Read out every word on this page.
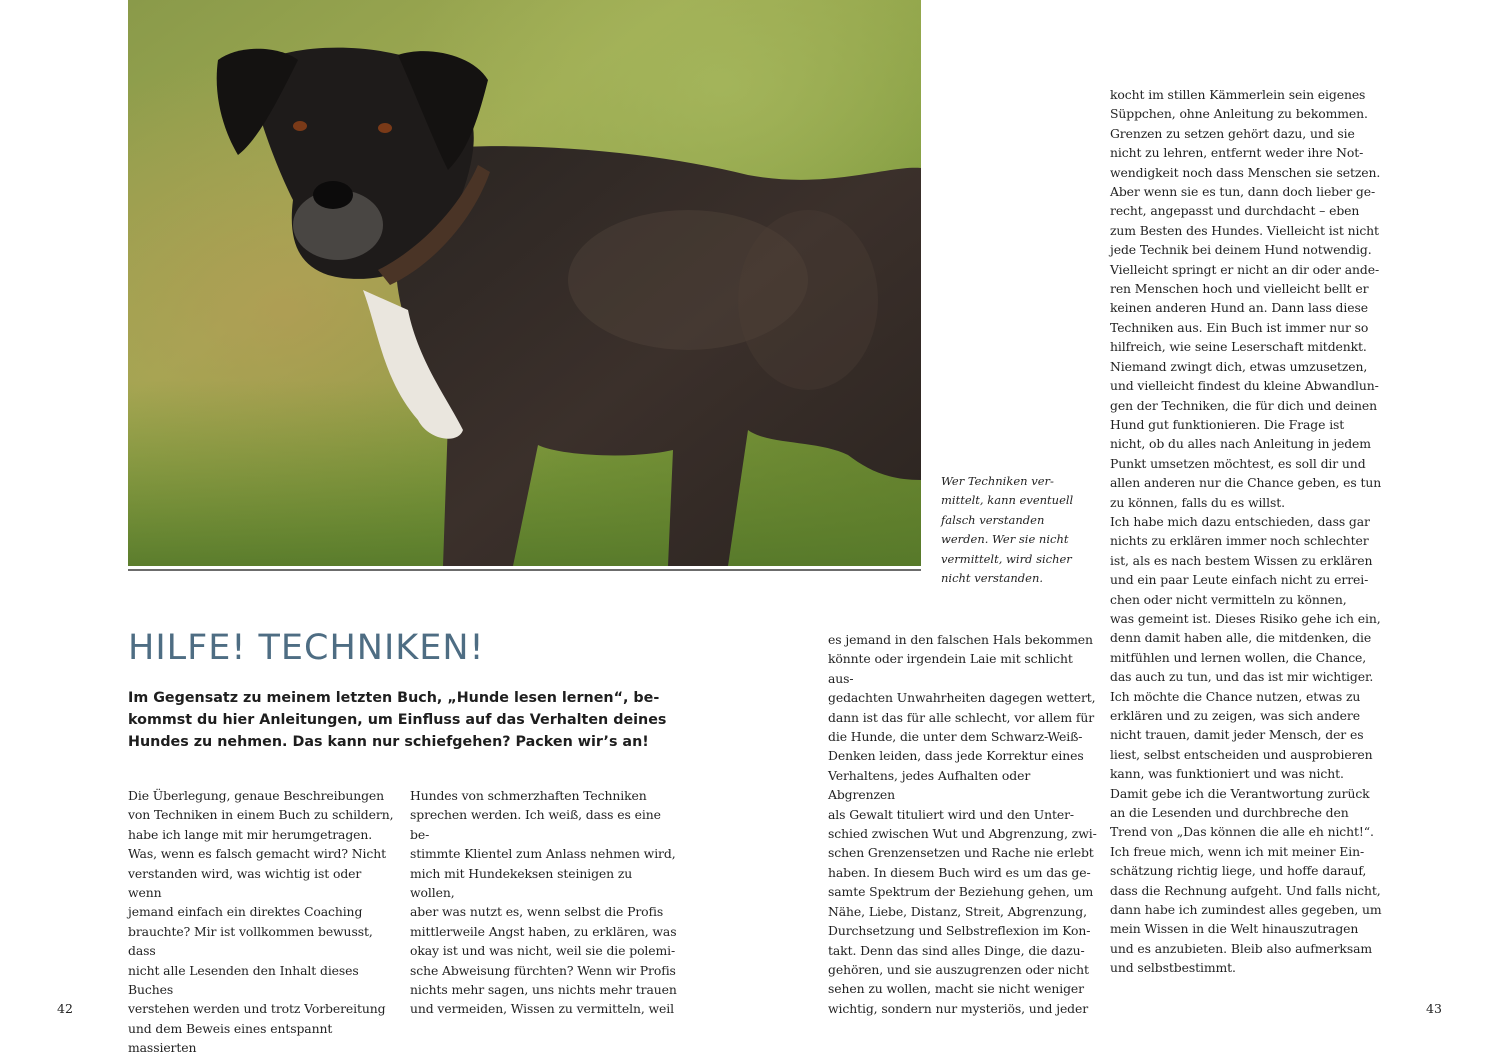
Wer Techniken ver-
mittelt, kann eventuell
falsch verstanden
werden. Wer sie nicht
vermittelt, wird sicher
nicht verstanden.
HILFE! TECHNIKEN!
Im Gegensatz zu meinem letzten Buch, „Hunde lesen lernen“, be-
kommst du hier Anleitungen, um Einfluss auf das Verhalten deines
Hundes zu nehmen. Das kann nur schiefgehen? Packen wir’s an!
Die Überlegung, genaue Beschreibungen
von Techniken in einem Buch zu schildern,
habe ich lange mit mir herumgetragen.
Was, wenn es falsch gemacht wird? Nicht
verstanden wird, was wichtig ist oder wenn
jemand einfach ein direktes Coaching
brauchte? Mir ist vollkommen bewusst, dass
nicht alle Lesenden den Inhalt dieses Buches
verstehen werden und trotz Vorbereitung
und dem Beweis eines entspannt massierten
Hundes von schmerzhaften Techniken
sprechen werden. Ich weiß, dass es eine be-
stimmte Klientel zum Anlass nehmen wird,
mich mit Hundekeksen steinigen zu wollen,
aber was nutzt es, wenn selbst die Profis
mittlerweile Angst haben, zu erklären, was
okay ist und was nicht, weil sie die polemi-
sche Abweisung fürchten? Wenn wir Profis
nichts mehr sagen, uns nichts mehr trauen
und vermeiden, Wissen zu vermitteln, weil
es jemand in den falschen Hals bekommen
könnte oder irgendein Laie mit schlicht aus-
gedachten Unwahrheiten dagegen wettert,
dann ist das für alle schlecht, vor allem für
die Hunde, die unter dem Schwarz-Weiß-
Denken leiden, dass jede Korrektur eines
Verhaltens, jedes Aufhalten oder Abgrenzen
als Gewalt tituliert wird und den Unter-
schied zwischen Wut und Abgrenzung, zwi-
schen Grenzensetzen und Rache nie erlebt
haben. In diesem Buch wird es um das ge-
samte Spektrum der Beziehung gehen, um
Nähe, Liebe, Distanz, Streit, Abgrenzung,
Durchsetzung und Selbstreflexion im Kon-
takt. Denn das sind alles Dinge, die dazu-
gehören, und sie auszugrenzen oder nicht
sehen zu wollen, macht sie nicht weniger
wichtig, sondern nur mysteriös, und jeder
kocht im stillen Kämmerlein sein eigenes
Süppchen, ohne Anleitung zu bekommen.
Grenzen zu setzen gehört dazu, und sie
nicht zu lehren, entfernt weder ihre Not-
wendigkeit noch dass Menschen sie setzen.
Aber wenn sie es tun, dann doch lieber ge-
recht, angepasst und durchdacht – eben
zum Besten des Hundes. Vielleicht ist nicht
jede Technik bei deinem Hund notwendig.
Vielleicht springt er nicht an dir oder ande-
ren Menschen hoch und vielleicht bellt er
keinen anderen Hund an. Dann lass diese
Techniken aus. Ein Buch ist immer nur so
hilfreich, wie seine Leserschaft mitdenkt.
Niemand zwingt dich, etwas umzusetzen,
und vielleicht findest du kleine Abwandlun-
gen der Techniken, die für dich und deinen
Hund gut funktionieren. Die Frage ist
nicht, ob du alles nach Anleitung in jedem
Punkt umsetzen möchtest, es soll dir und
allen anderen nur die Chance geben, es tun
zu können, falls du es willst.
Ich habe mich dazu entschieden, dass gar
nichts zu erklären immer noch schlechter
ist, als es nach bestem Wissen zu erklären
und ein paar Leute einfach nicht zu errei-
chen oder nicht vermitteln zu können,
was gemeint ist. Dieses Risiko gehe ich ein,
denn damit haben alle, die mitdenken, die
mitfühlen und lernen wollen, die Chance,
das auch zu tun, und das ist mir wichtiger.
Ich möchte die Chance nutzen, etwas zu
erklären und zu zeigen, was sich andere
nicht trauen, damit jeder Mensch, der es
liest, selbst entscheiden und ausprobieren
kann, was funktioniert und was nicht.
Damit gebe ich die Verantwortung zurück
an die Lesenden und durchbreche den
Trend von „Das können die alle eh nicht!“.
Ich freue mich, wenn ich mit meiner Ein-
schätzung richtig liege, und hoffe darauf,
dass die Rechnung aufgeht. Und falls nicht,
dann habe ich zumindest alles gegeben, um
mein Wissen in die Welt hinauszutragen
und es anzubieten. Bleib also aufmerksam
und selbstbestimmt.
42	43
